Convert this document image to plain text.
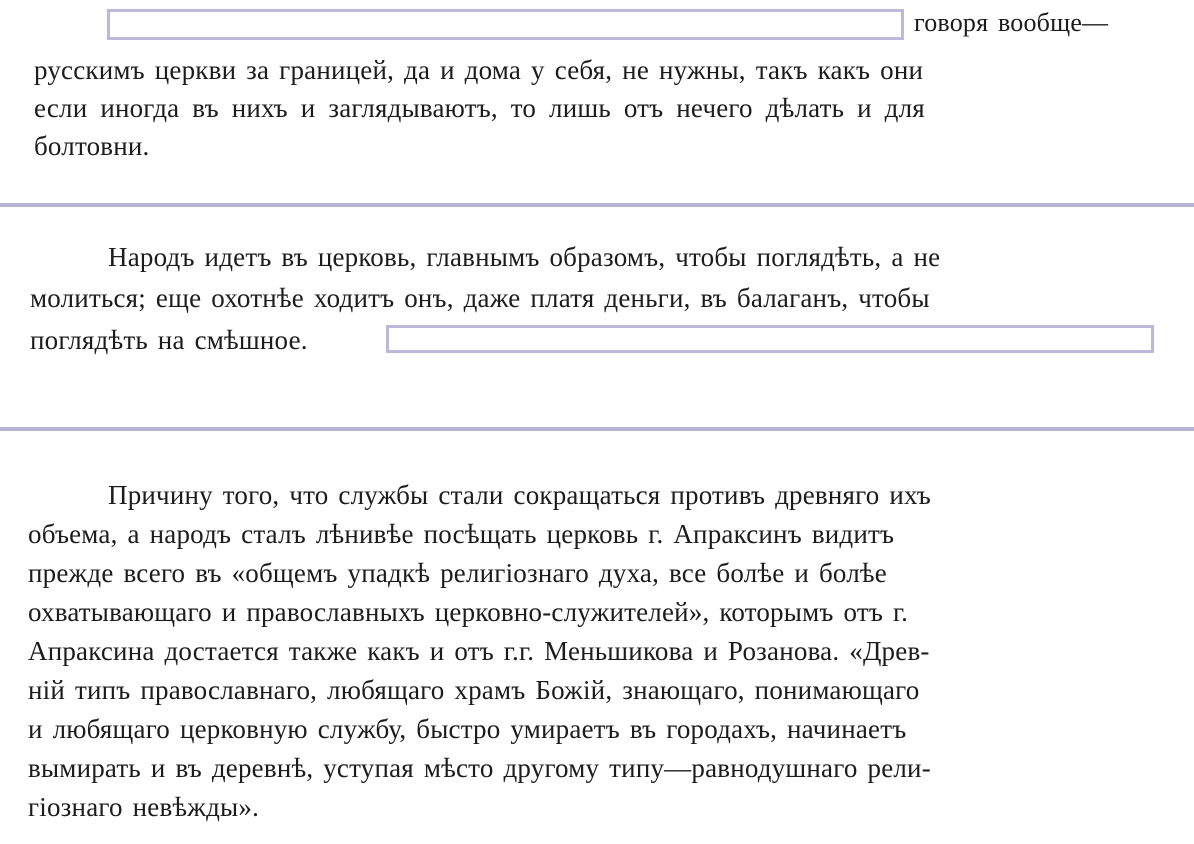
говоря вообще—
русскимъ церкви за границей, да и дома у себя, не нужны, такъ какъ они
если иногда въ нихъ и заглядываютъ, то лишь отъ нечего дѣлать и для
болтовни.
Народъ идетъ въ церковь, главнымъ образомъ, чтобы поглядѣть, а не
молиться; еще охотнѣе ходитъ онъ, даже платя деньги, въ балаганъ, чтобы
поглядѣть на смѣшное.
Причину того, что службы стали сокращаться противъ древняго ихъ
объема, а народъ сталъ лѣнивѣе посѣщать церковь г. Апраксинъ видитъ
прежде всего въ «общемъ упадкѣ религіознаго духа, все болѣе и болѣе
охватывающаго и православныхъ церковно-служителей», которымъ отъ г.
Апраксина достается также какъ и отъ г.г. Меньшикова и Розанова. «Древ-
ній типъ православнаго, любящаго храмъ Божій, знающаго, понимающаго
и любящаго церковную службу, быстро умираетъ въ городахъ, начинаетъ
вымирать и въ деревнѣ, уступая мѣсто другому типу—равнодушнаго рели-
гіознаго невѣжды».
